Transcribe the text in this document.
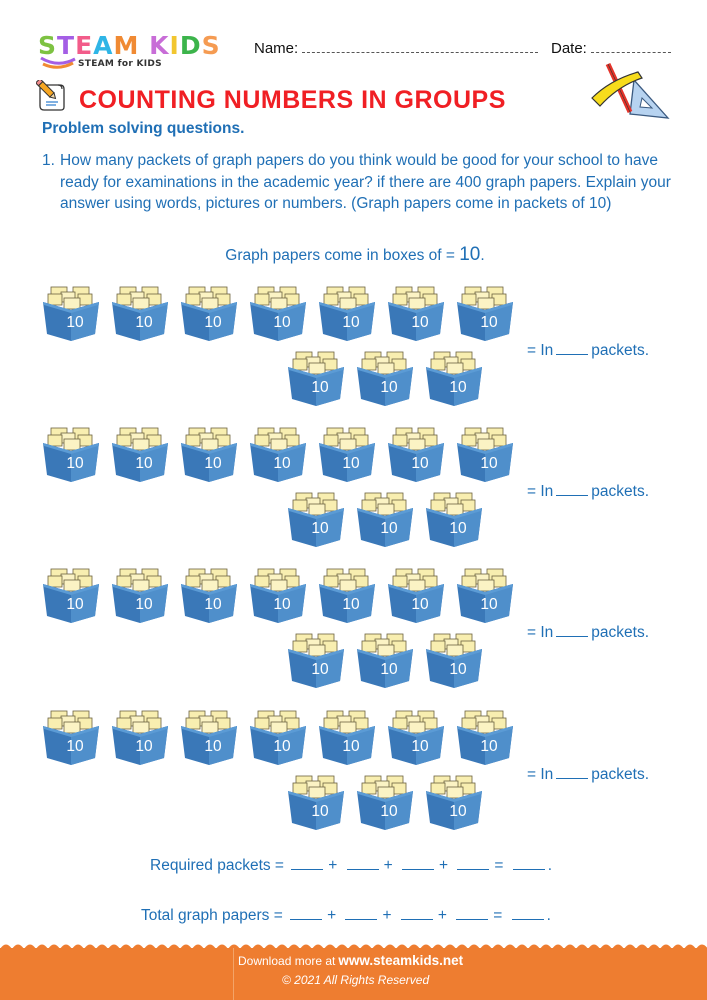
STEAM KIDS
STEAM for KIDS
Name:	Date:
COUNTING NUMBERS IN GROUPS
Problem solving questions.
1. How many packets of graph papers do you think would be good for your school to have ready for examinations in the academic year? if there are 400 graph papers. Explain your answer using words, pictures or numbers. (Graph papers come in packets of 10)
Graph papers come in boxes of = 10.
10	10	10	10	10	10	10
10	10	10
= In packets.
10	10	10	10	10	10	10
10	10	10
= In packets.
10	10	10	10	10	10	10
10	10	10
= In packets.
10	10	10	10	10	10	10
10	10	10
= In packets.
Required packets =	+	+	+	=	.
Total graph papers =	+	+	+	=	.
Download more at www.steamkids.net
© 2021 All Rights Reserved
